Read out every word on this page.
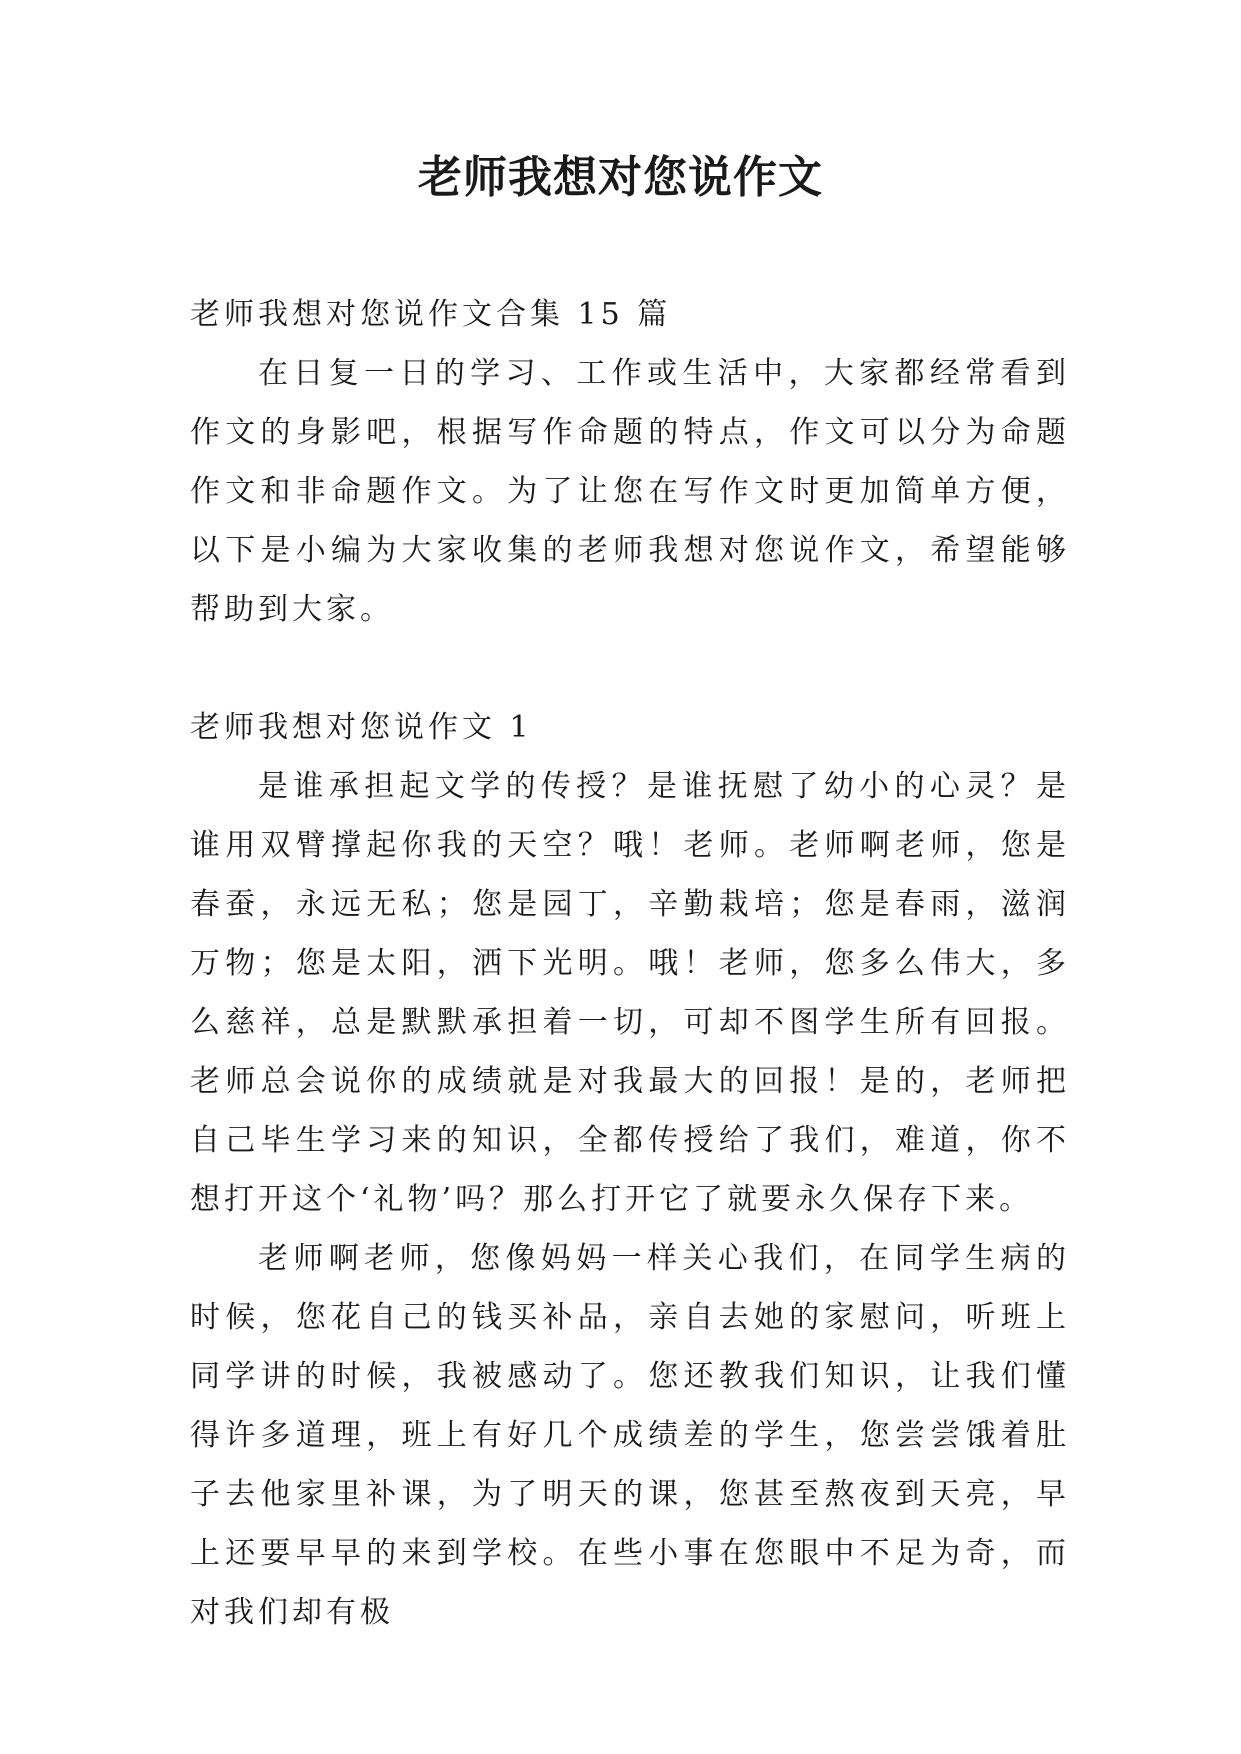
老师我想对您说作文

老师我想对您说作文合集 15 篇

在日复一日的学习、工作或生活中，大家都经常看到作文的身影吧，根据写作命题的特点，作文可以分为命题作文和非命题作文。为了让您在写作文时更加简单方便，以下是小编为大家收集的老师我想对您说作文，希望能够帮助到大家。

老师我想对您说作文 1

是谁承担起文学的传授？是谁抚慰了幼小的心灵？是谁用双臂撑起你我的天空？哦！老师。老师啊老师，您是春蚕，永远无私；您是园丁，辛勤栽培；您是春雨，滋润万物；您是太阳，洒下光明。哦！老师，您多么伟大，多么慈祥，总是默默承担着一切，可却不图学生所有回报。老师总会说你的成绩就是对我最大的回报！是的，老师把自己毕生学习来的知识，全都传授给了我们，难道，你不想打开这个‘礼物’吗？那么打开它了就要永久保存下来。

老师啊老师，您像妈妈一样关心我们，在同学生病的时候，您花自己的钱买补品，亲自去她的家慰问，听班上同学讲的时候，我被感动了。您还教我们知识，让我们懂得许多道理，班上有好几个成绩差的学生，您尝尝饿着肚子去他家里补课，为了明天的课，您甚至熬夜到天亮，早上还要早早的来到学校。在些小事在您眼中不足为奇，而对我们却有极
